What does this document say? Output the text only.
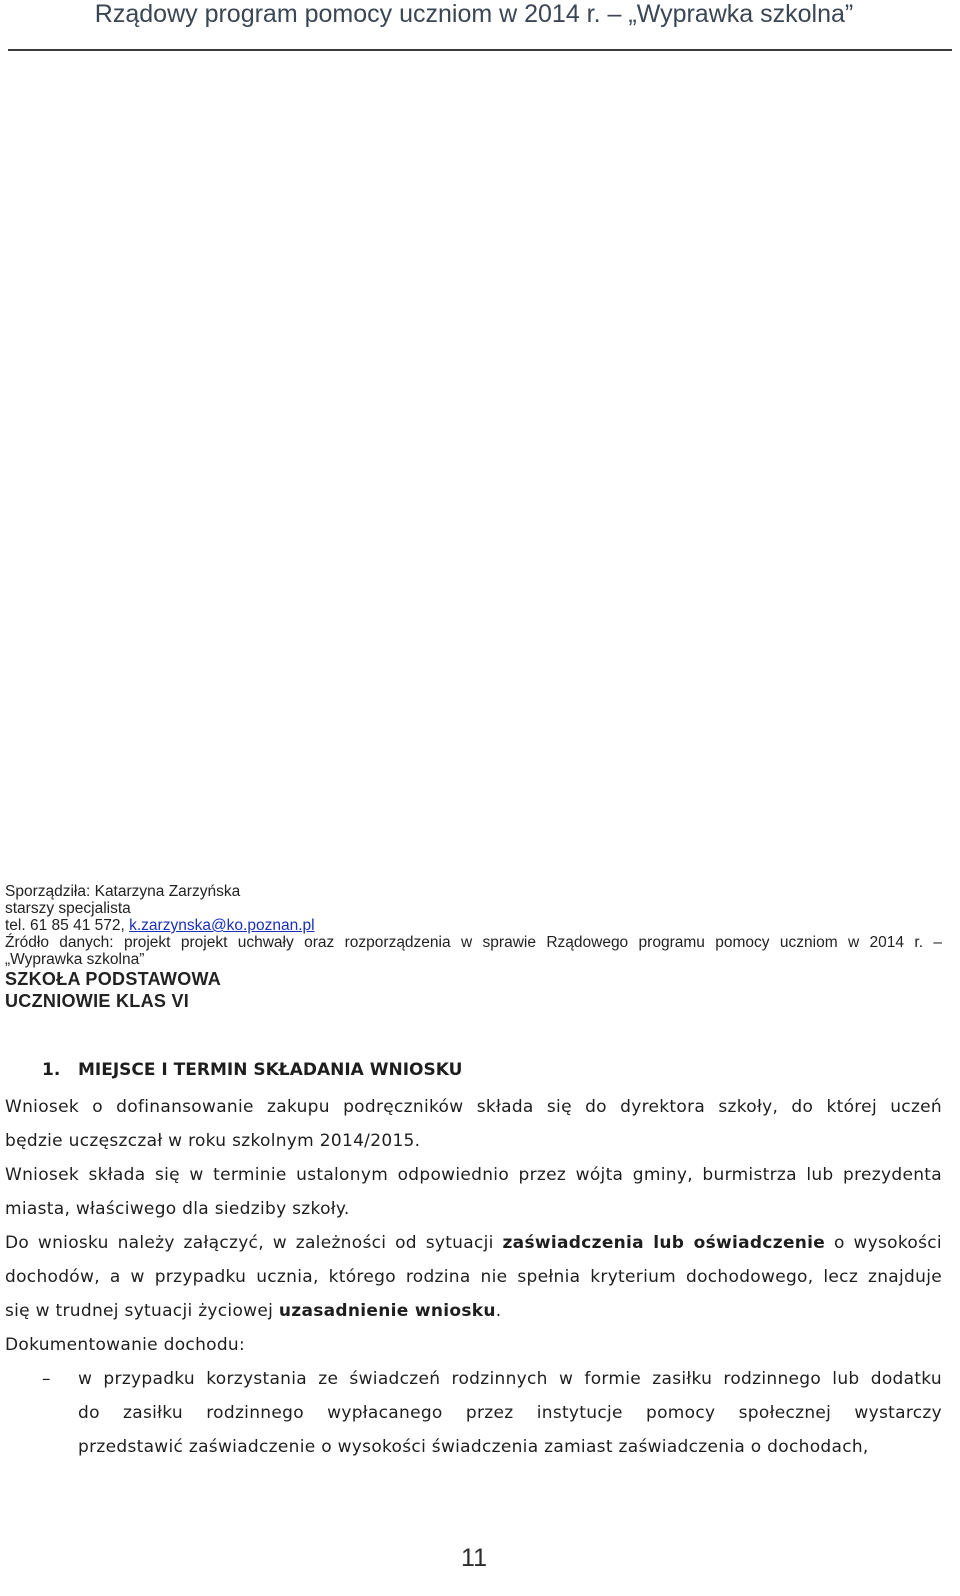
Rządowy program pomocy uczniom w 2014 r. – „Wyprawka szkolna”
Sporządziła: Katarzyna Zarzyńska
starszy specjalista
tel. 61 85 41 572, k.zarzynska@ko.poznan.pl
Źródło danych: projekt projekt uchwały oraz rozporządzenia w sprawie Rządowego programu pomocy uczniom w 2014 r. –
„Wyprawka szkolna”
SZKOŁA PODSTAWOWA
UCZNIOWIE KLAS VI
1. MIEJSCE I TERMIN SKŁADANIA WNIOSKU
Wniosek o dofinansowanie zakupu podręczników składa się do dyrektora szkoły, do której uczeń
będzie uczęszczał w roku szkolnym 2014/2015.
Wniosek składa się w terminie ustalonym odpowiednio przez wójta gminy, burmistrza lub prezydenta
miasta, właściwego dla siedziby szkoły.
Do wniosku należy załączyć, w zależności od sytuacji zaświadczenia lub oświadczenie o wysokości
dochodów, a w przypadku ucznia, którego rodzina nie spełnia kryterium dochodowego, lecz znajduje
się w trudnej sytuacji życiowej uzasadnienie wniosku.
Dokumentowanie dochodu:
– w przypadku korzystania ze świadczeń rodzinnych w formie zasiłku rodzinnego lub dodatku
do zasiłku rodzinnego wypłacanego przez instytucje pomocy społecznej wystarczy
przedstawić zaświadczenie o wysokości świadczenia zamiast zaświadczenia o dochodach,
11
